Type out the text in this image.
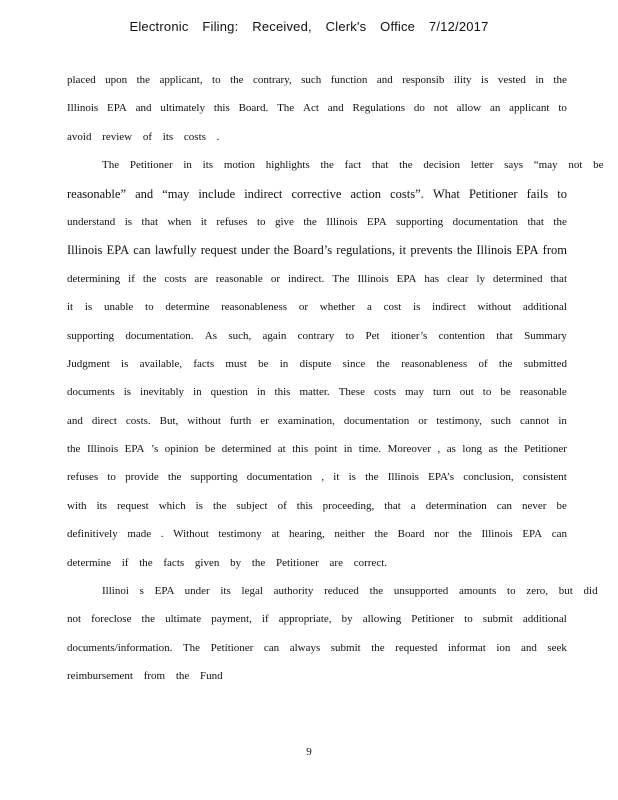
Electronic Filing: Received, Clerk's Office 7/12/2017
placed upon the applicant, to the contrary, such function and responsib ility is vested in the
Illinois EPA and ultimately this Board. The Act and Regulations do not allow an applicant to
avoid review of its costs .
The Petitioner in its motion highlights the fact that the decision letter says “may not be
reasonable” and “may include indirect corrective action costs”. What Petitioner fails to
understand is that when it refuses to give the Illinois EPA supporting documentation that the
Illinois EPA can lawfully request under the Board’s regulations, it prevents the Illinois EPA from
determining if the costs are reasonable or indirect. The Illinois EPA has clear ly determined that
it is unable to determine reasonableness or whether a cost is indirect without additional
supporting documentation. As such, again contrary to Pet itioner’s contention that Summary
Judgment is available, facts must be in dispute since the reasonableness of the submitted
documents is inevitably in question in this matter. These costs may turn out to be reasonable
and direct costs. But, without furth er examination, documentation or testimony, such cannot in
the Illinois EPA ’s opinion be determined at this point in time. Moreover , as long as the Petitioner
refuses to provide the supporting documentation , it is the Illinois EPA’s conclusion, consistent
with its request which is the subject of this proceeding, that a determination can never be
definitively made . Without testimony at hearing, neither the Board nor the Illinois EPA can
determine if the facts given by the Petitioner are correct.
Illinoi s EPA under its legal authority reduced the unsupported amounts to zero, but did
not foreclose the ultimate payment, if appropriate, by allowing Petitioner to submit additional
documents/information. The Petitioner can always submit the requested informat ion and seek
reimbursement from the Fund
9
